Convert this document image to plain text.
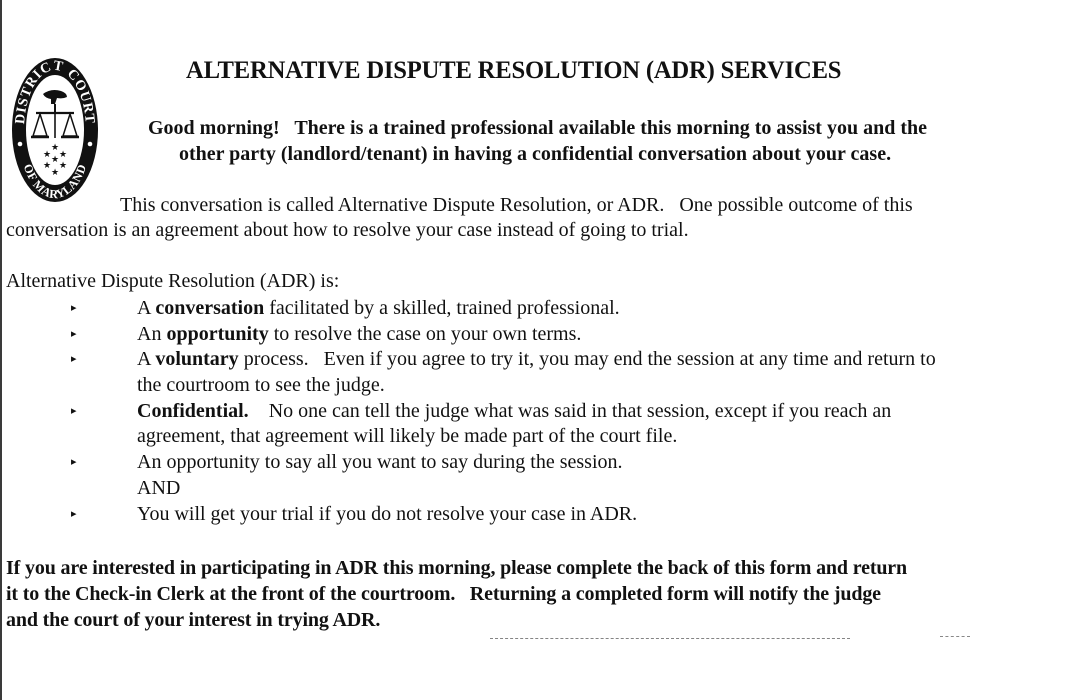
DISTRICT COURT
OF MARYLAND
★
★ ★
★
★ ★
★
ALTERNATIVE DISPUTE RESOLUTION (ADR) SERVICES
Good morning!   There is a trained professional available this morning to assist you and the
other party (landlord/tenant) in having a confidential conversation about your case.
This conversation is called Alternative Dispute Resolution, or ADR.   One possible outcome of this
conversation is an agreement about how to resolve your case instead of going to trial.
Alternative Dispute Resolution (ADR) is:
▸	A conversation facilitated by a skilled, trained professional.
▸	An opportunity to resolve the case on your own terms.
▸	A voluntary process.   Even if you agree to try it, you may end the session at any time and return to
the courtroom to see the judge.
▸	Confidential.    No one can tell the judge what was said in that session, except if you reach an
agreement, that agreement will likely be made part of the court file.
▸	An opportunity to say all you want to say during the session.
AND
▸	You will get your trial if you do not resolve your case in ADR.
If you are interested in participating in ADR this morning, please complete the back of this form and return
it to the Check-in Clerk at the front of the courtroom.   Returning a completed form will notify the judge
and the court of your interest in trying ADR.
